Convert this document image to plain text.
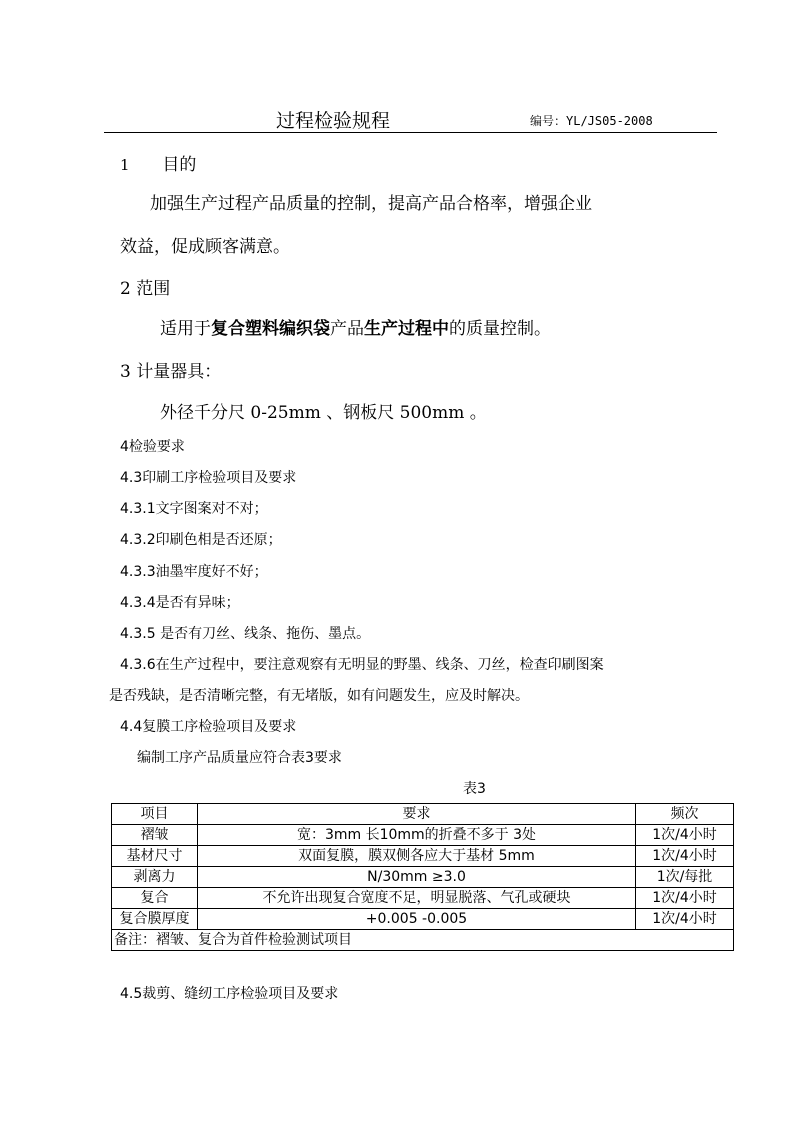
过程检验规程	编号：YL/JS05-2008
1 目的
加强生产过程产品质量的控制，提高产品合格率，增强企业
效益，促成顾客满意。
2 范围
适用于复合塑料编织袋产品生产过程中的质量控制。
3 计量器具：
外径千分尺 0-25mm 、钢板尺 500mm 。
4检验要求
4.3印刷工序检验项目及要求
4.3.1文字图案对不对；
4.3.2印刷色相是否还原；
4.3.3油墨牢度好不好；
4.3.4是否有异味；
4.3.5 是否有刀丝、线条、拖伤、墨点。
4.3.6在生产过程中，要注意观察有无明显的野墨、线条、刀丝，检查印刷图案
是否残缺，是否清晰完整，有无堵版，如有问题发生，应及时解决。
4.4复膜工序检验项目及要求
编制工序产品质量应符合表3要求
表3
项目	要求	频次
褶皱	宽：3mm 长10mm的折叠不多于 3处	1次/4小时
基材尺寸	双面复膜，膜双侧各应大于基材 5mm	1次/4小时
剥离力	N/30mm ≥3.0	1次/每批
复合	不允许出现复合宽度不足，明显脱落、气孔或硬块	1次/4小时
复合膜厚度	+0.005 -0.005	1次/4小时
备注：褶皱、复合为首件检验测试项目		
4.5裁剪、缝纫工序检验项目及要求
